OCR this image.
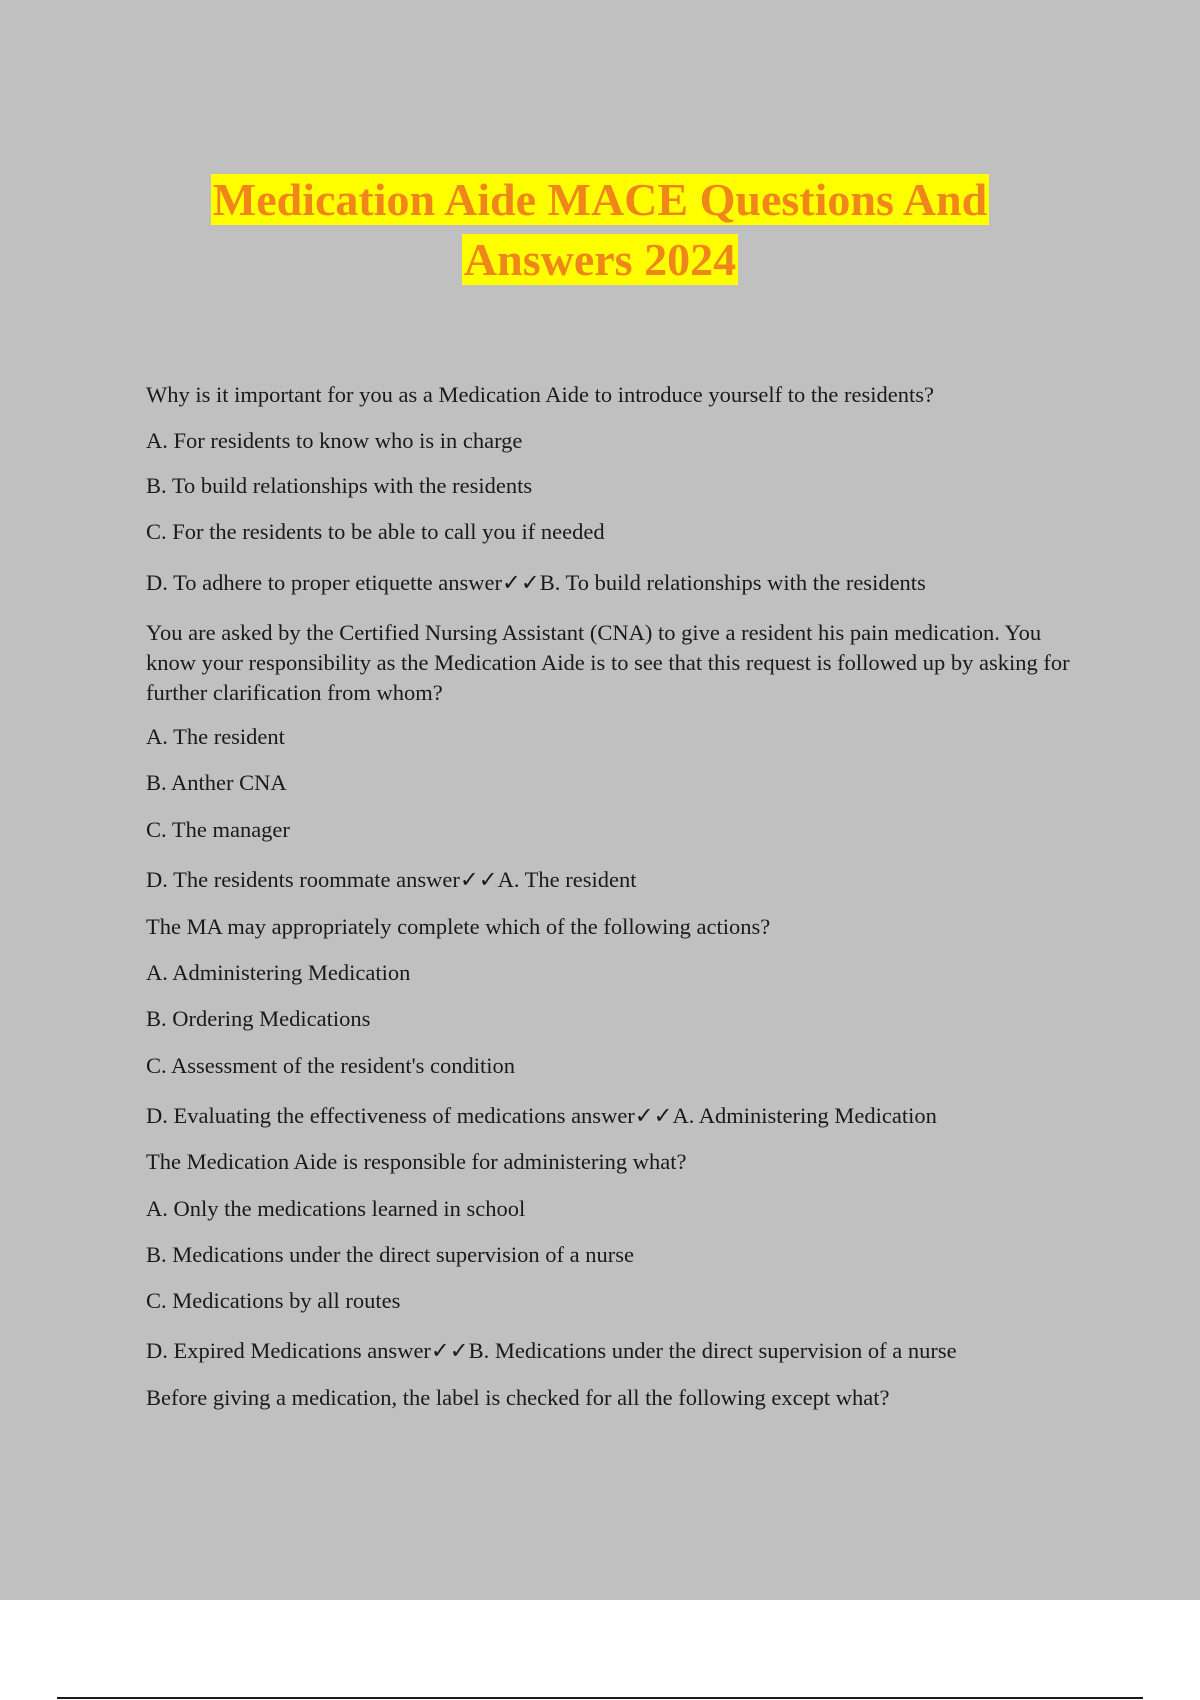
Medication Aide MACE Questions And
Answers 2024
Why is it important for you as a Medication Aide to introduce yourself to the residents?
A. For residents to know who is in charge
B. To build relationships with the residents
C. For the residents to be able to call you if needed
D. To adhere to proper etiquette answer✓✓B. To build relationships with the residents
You are asked by the Certified Nursing Assistant (CNA) to give a resident his pain medication. You know your responsibility as the Medication Aide is to see that this request is followed up by asking for further clarification from whom?
A. The resident
B. Anther CNA
C. The manager
D. The residents roommate answer✓✓A. The resident
The MA may appropriately complete which of the following actions?
A. Administering Medication
B. Ordering Medications
C. Assessment of the resident's condition
D. Evaluating the effectiveness of medications answer✓✓A. Administering Medication
The Medication Aide is responsible for administering what?
A. Only the medications learned in school
B. Medications under the direct supervision of a nurse
C. Medications by all routes
D. Expired Medications answer✓✓B. Medications under the direct supervision of a nurse
Before giving a medication, the label is checked for all the following except what?
